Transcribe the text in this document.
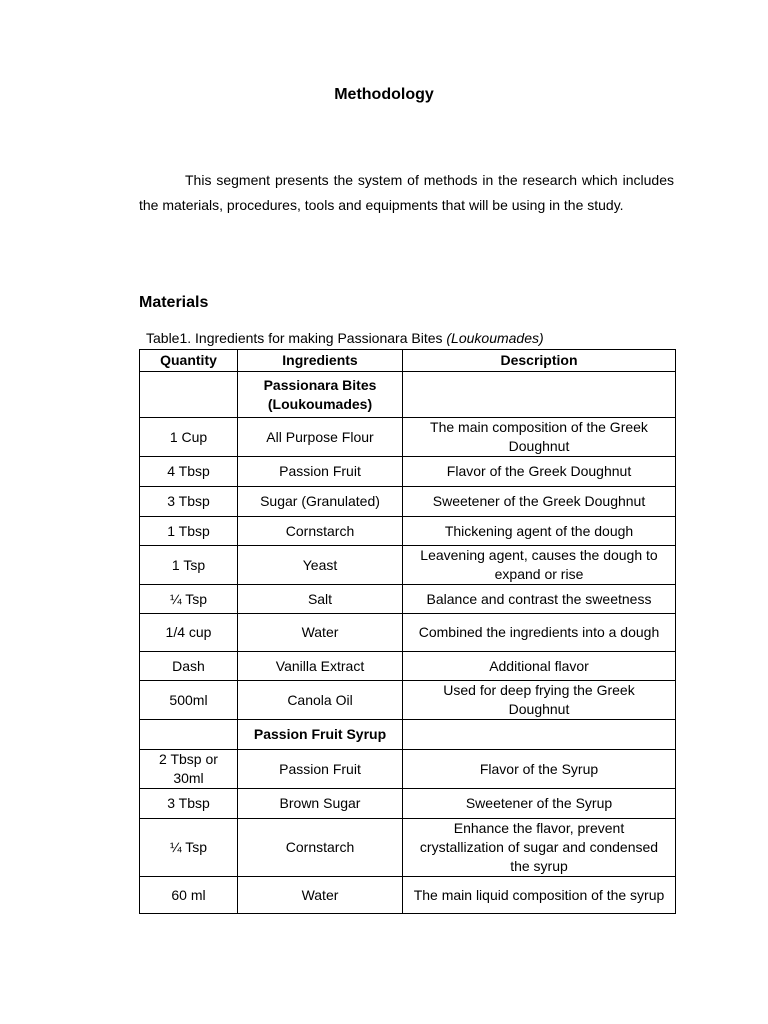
Methodology

This segment presents the system of methods in the research which includes the materials, procedures, tools and equipments that will be using in the study.

Materials

Table1. Ingredients for making Passionara Bites (Loukoumades)

Quantity	Ingredients	Description
	Passionara Bites (Loukoumades)	
1 Cup	All Purpose Flour	The main composition of the Greek Doughnut
4 Tbsp	Passion Fruit	Flavor of the Greek Doughnut
3 Tbsp	Sugar (Granulated)	Sweetener of the Greek Doughnut
1 Tbsp	Cornstarch	Thickening agent of the dough
1 Tsp	Yeast	Leavening agent, causes the dough to expand or rise
¼ Tsp	Salt	Balance and contrast the sweetness
1/4 cup	Water	Combined the ingredients into a dough
Dash	Vanilla Extract	Additional flavor
500ml	Canola Oil	Used for deep frying the Greek Doughnut
	Passion Fruit Syrup	
2 Tbsp or 30ml	Passion Fruit	Flavor of the Syrup
3 Tbsp	Brown Sugar	Sweetener of the Syrup
¼ Tsp	Cornstarch	Enhance the flavor, prevent crystallization of sugar and condensed the syrup
60 ml	Water	The main liquid composition of the syrup
